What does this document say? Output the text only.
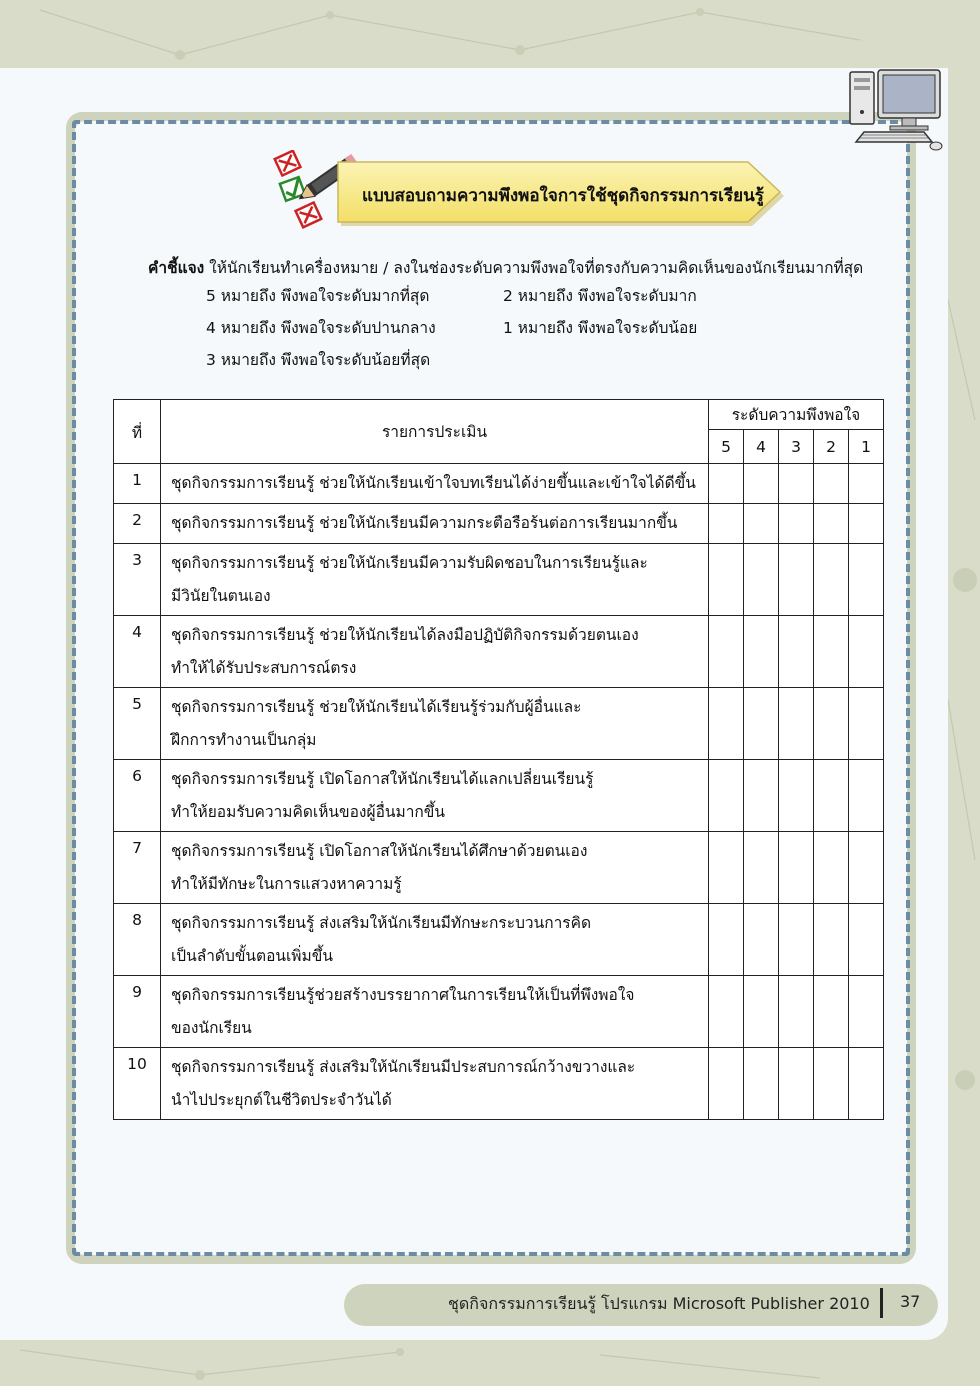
แบบสอบถามความพึงพอใจการใช้ชุดกิจกรรมการเรียนรู้
คำชี้แจง ให้นักเรียนทำเครื่องหมาย / ลงในช่องระดับความพึงพอใจที่ตรงกับความคิดเห็นของนักเรียนมากที่สุด
5 หมายถึง พึงพอใจระดับมากที่สุด
4 หมายถึง พึงพอใจระดับปานกลาง
3 หมายถึง พึงพอใจระดับน้อยที่สุด
2 หมายถึง พึงพอใจระดับมาก
1 หมายถึง พึงพอใจระดับน้อย
ที่	รายการประเมิน	ระดับความพึงพอใจ				
		5	4	3	2	1
1	ชุดกิจกรรมการเรียนรู้ ช่วยให้นักเรียนเข้าใจบทเรียนได้ง่ายขึ้นและเข้าใจได้ดีขึ้น					

2	ชุดกิจกรรมการเรียนรู้ ช่วยให้นักเรียนมีความกระตือรือร้นต่อการเรียนมากขึ้น					

3	ชุดกิจกรรมการเรียนรู้ ช่วยให้นักเรียนมีความรับผิดชอบในการเรียนรู้และ
มีวินัยในตนเอง					

4	ชุดกิจกรรมการเรียนรู้ ช่วยให้นักเรียนได้ลงมือปฏิบัติกิจกรรมด้วยตนเอง
ทำให้ได้รับประสบการณ์ตรง					

5	ชุดกิจกรรมการเรียนรู้ ช่วยให้นักเรียนได้เรียนรู้ร่วมกับผู้อื่นและ
ฝึกการทำงานเป็นกลุ่ม					

6	ชุดกิจกรรมการเรียนรู้ เปิดโอกาสให้นักเรียนได้แลกเปลี่ยนเรียนรู้
ทำให้ยอมรับความคิดเห็นของผู้อื่นมากขึ้น					

7	ชุดกิจกรรมการเรียนรู้ เปิดโอกาสให้นักเรียนได้ศึกษาด้วยตนเอง
ทำให้มีทักษะในการแสวงหาความรู้					

8	ชุดกิจกรรมการเรียนรู้ ส่งเสริมให้นักเรียนมีทักษะกระบวนการคิด
เป็นลำดับขั้นตอนเพิ่มขึ้น					

9	ชุดกิจกรรมการเรียนรู้ช่วยสร้างบรรยากาศในการเรียนให้เป็นที่พึงพอใจ
ของนักเรียน					

10	ชุดกิจกรรมการเรียนรู้ ส่งเสริมให้นักเรียนมีประสบการณ์กว้างขวางและ
นำไปประยุกต์ในชีวิตประจำวันได้					

ชุดกิจกรรมการเรียนรู้ โปรแกรม Microsoft Publisher 2010 37
